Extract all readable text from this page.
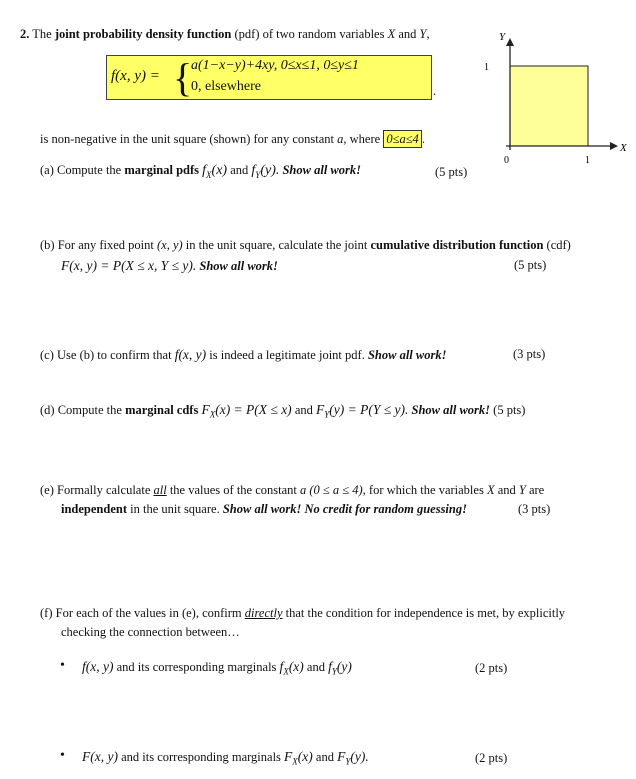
2. The joint probability density function (pdf) of two random variables X and Y,
f(x, y) = {
a(1−x−y)+4xy, 0≤x≤1, 0≤y≤1
0, elsewhere	.
is non-negative in the unit square (shown) for any constant a, where 0≤a≤4 .
Y
X
0	1
1
(a) Compute the marginal pdfs $f_X(x)$ and $f_Y(y)$. Show all work!	(5 pts)
(b) For any fixed point (x, y) in the unit square, calculate the joint cumulative distribution function (cdf)
F(x, y) = P(X ≤ x, Y ≤ y). Show all work!	(5 pts)
(c) Use (b) to confirm that f(x, y) is indeed a legitimate joint pdf. Show all work!	(3 pts)
(d) Compute the marginal cdfs $F_X(x) = P(X \le x)$ and $F_Y(y) = P(Y \le y)$. Show all work! (5 pts)
(e) Formally calculate all the values of the constant a (0 ≤ a ≤ 4), for which the variables X and Y are
independent in the unit square. Show all work! No credit for random guessing!	(3 pts)
(f) For each of the values in (e), confirm directly that the condition for independence is met, by explicitly
checking the connection between…
• f(x, y) and its corresponding marginals $f_X(x)$ and $f_Y(y)$	(2 pts)
• F(x, y) and its corresponding marginals $F_X(x)$ and $F_Y(y)$.	(2 pts)
